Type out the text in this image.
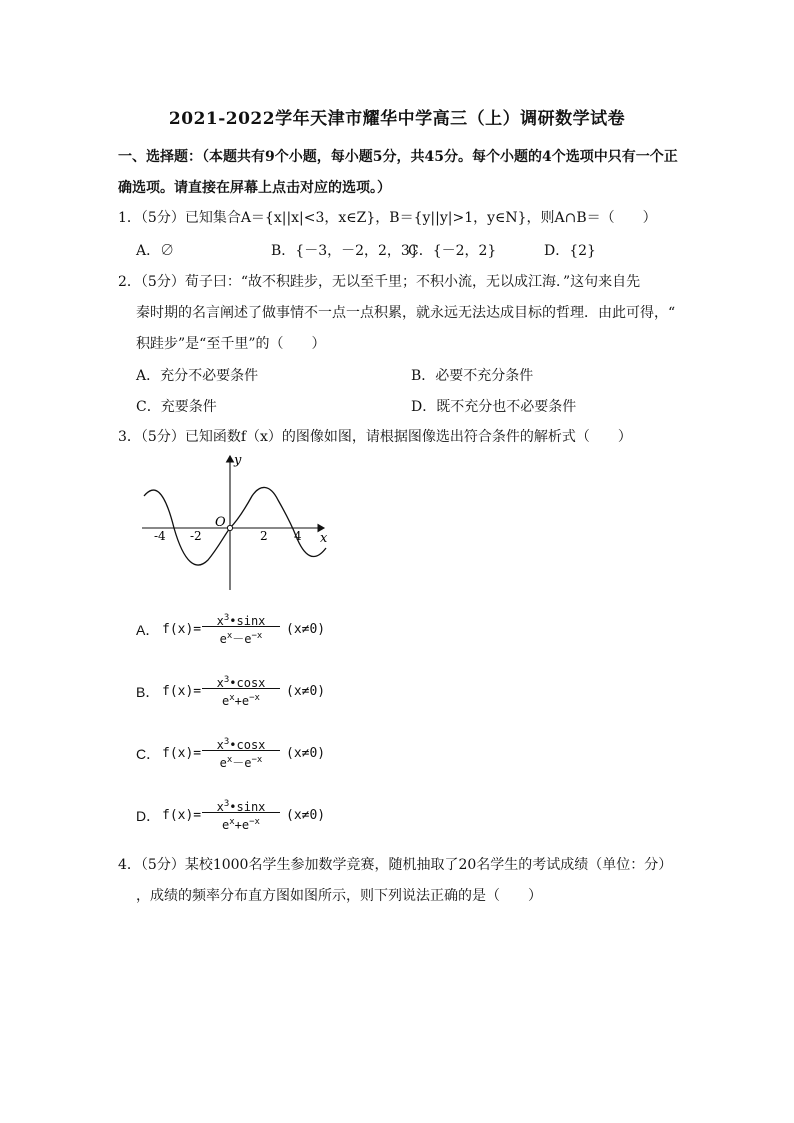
2021-2022学年天津市耀华中学高三（上）调研数学试卷
一、选择题：（本题共有9个小题，每小题5分，共45分。每个小题的4个选项中只有一个正确选项。请直接在屏幕上点击对应的选项。）
1．（5分）已知集合A＝{x||x|<3，x∈Z}，B＝{y||y|>1，y∈N}，则A∩B＝（　　）
A．∅	B．{－3，－2，2，3}
C．{－2，2}	D．{2}
2．（5分）荀子曰：“故不积跬步，无以至千里；不积小流，无以成江海．”这句来自先
秦时期的名言阐述了做事情不一点一点积累，就永远无法达成目标的哲理．由此可得，“
积跬步”是“至千里”的（　　）
A．充分不必要条件	B．必要不充分条件
C．充要条件	D．既不充分也不必要条件
3．（5分）已知函数f（x）的图像如图，请根据图像选出符合条件的解析式（　　）
y
x
O
-4 -2	2 4
A． f(x)=
$x^3•\sin x$
$e^x-e^{-x}$	(x≠0)
B． f(x)=
$x^3•\cos x$
$e^x+e^{-x}$	(x≠0)
C． f(x)=
$x^3•\cos x$
$e^x-e^{-x}$	(x≠0)
D． f(x)=
$x^3•\sin x$
$e^x+e^{-x}$	(x≠0)
4．（5分）某校1000名学生参加数学竞赛，随机抽取了20名学生的考试成绩（单位：分）
，成绩的频率分布直方图如图所示，则下列说法正确的是（　　）
